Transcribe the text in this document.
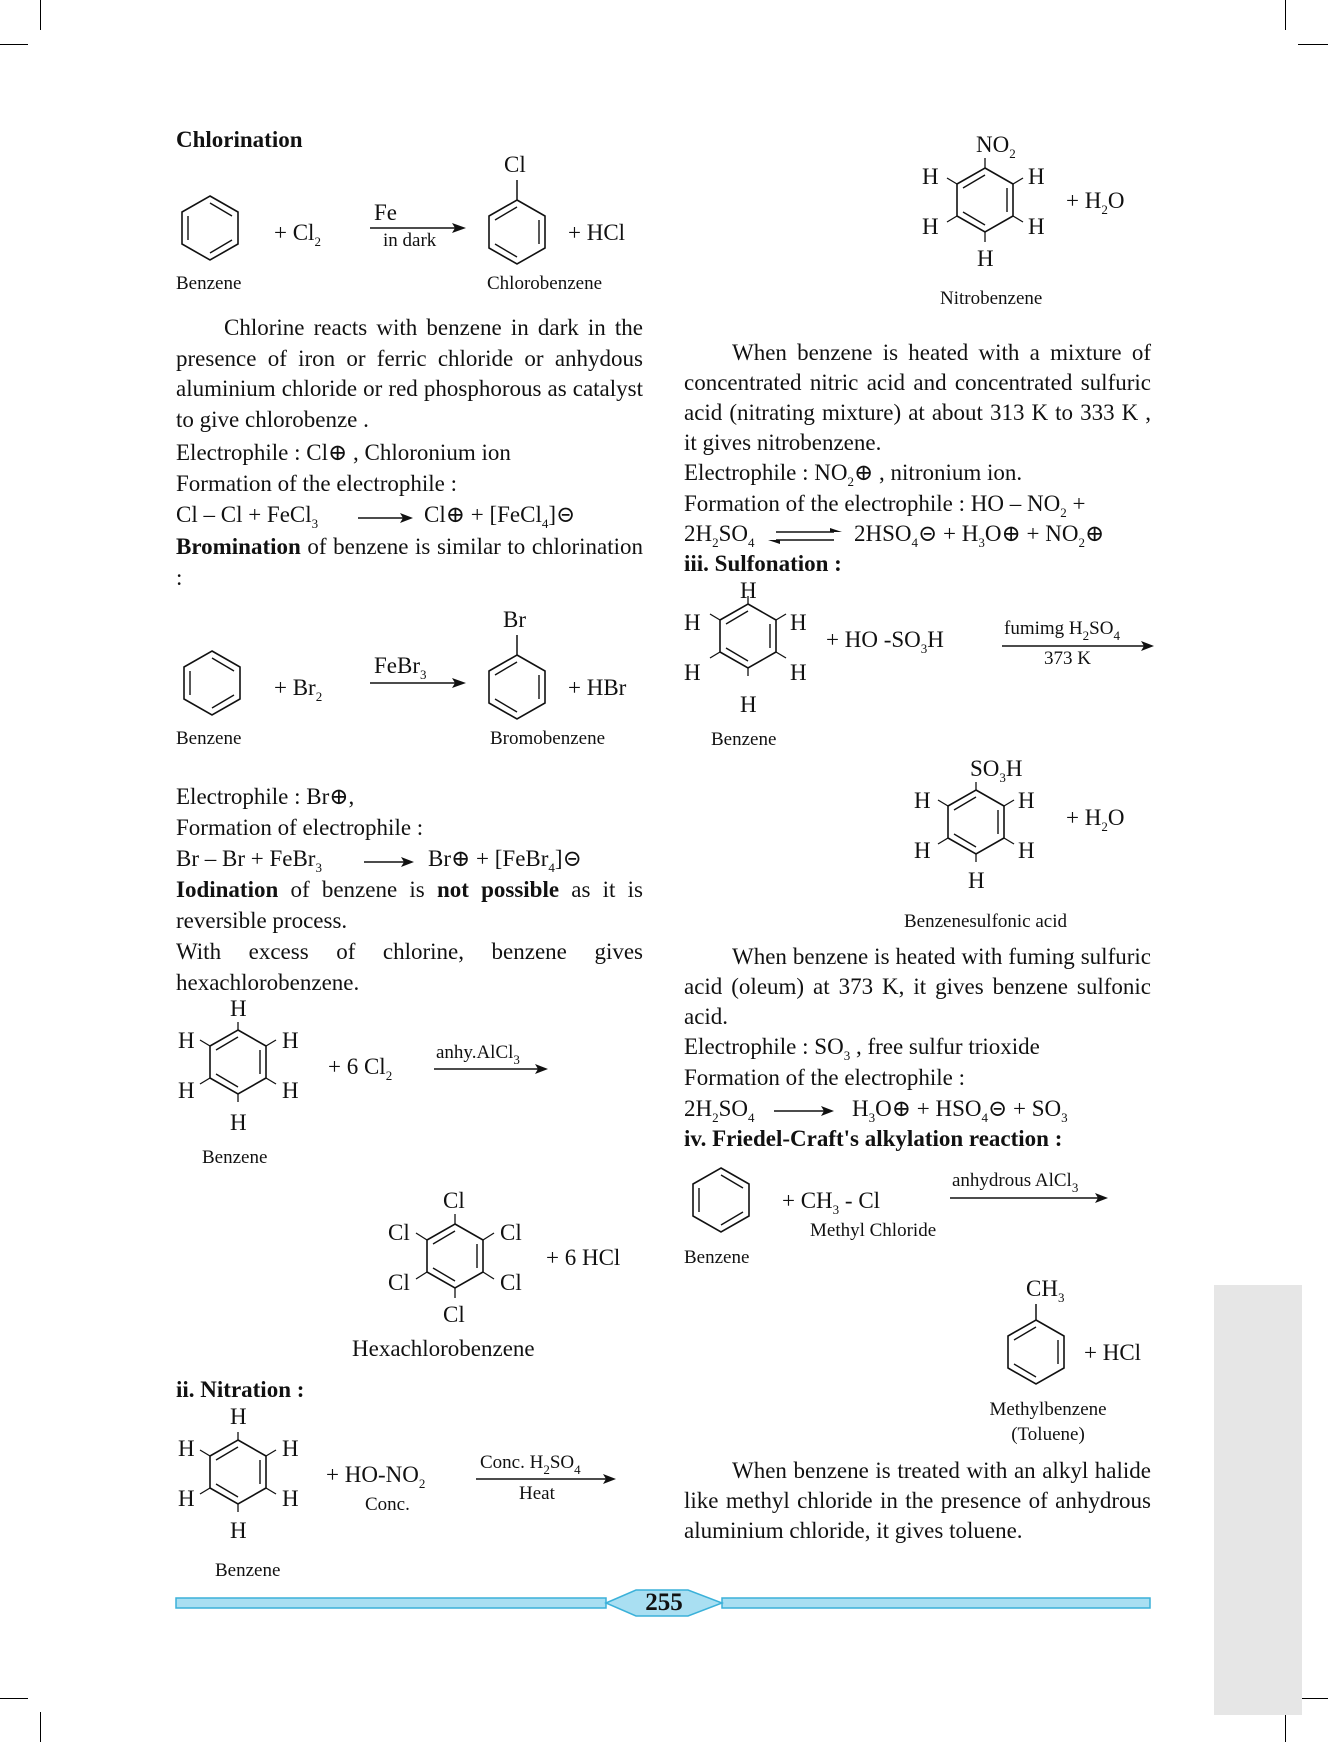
Chlorination
+ $Cl_2$
Fe
in dark
Cl
+ HCl
Benzene	Chlorobenzene
Chlorine reacts with benzene in dark in the presence of iron or ferric chloride or anhydous aluminium chloride or red phosphorous as catalyst to give chlorobenze .
Electrophile : Cl⊕ , Chloronium ion
Formation of the electrophile :
Cl – Cl + FeCl$_3$	Cl⊕ + [FeCl$_4$]⊝
Bromination of benzene is similar to chlorination :
+ $Br_2$
FeBr$_3$
Br
+ HBr
Benzene	Bromobenzene
Electrophile : Br⊕,
Formation of electrophile :
Br – Br + FeBr$_3$	Br⊕ + [FeBr$_4$]⊝
Iodination of benzene is not possible as it is reversible process.
With excess of chlorine, benzene gives hexachlorobenzene.
H
H	H
H	H
H
+ 6 $Cl_2$
anhy.AlCl$_3$
Benzene
Cl
Cl	Cl
Cl	Cl
Cl
+ 6 HCl
Hexachlorobenzene
ii. Nitration :
H
H	H
H	H
H
+ $HO-NO_2$
Conc.
Conc. $H_2SO_4$
Heat
Benzene
$NO_2$
H	H
H	H
H
+ $H_2O$
Nitrobenzene
When benzene is heated with a mixture of concentrated nitric acid and concentrated sulfuric acid (nitrating mixture) at about 313 K to 333 K , it gives nitrobenzene.
Electrophile : $NO_2\oplus$ , nitronium ion.
Formation of the electrophile : HO – $NO_2$ +
$2H_2SO_4$	$2HSO_4⊝$ + $H_3O\oplus$ + $NO_2\oplus$
iii. Sulfonation :
H
H	H
H	H
H
+ HO $-SO_3H$	fumimg $H_2SO_4$
373 K
Benzene
$SO_3H$
H	H
H	H
H
+ $H_2O$
Benzenesulfonic acid
When benzene is heated with fuming sulfuric acid (oleum) at 373 K, it gives benzene sulfonic acid.
Electrophile : $SO_3$ , free sulfur trioxide
Formation of the electrophile :
$2H_2SO_4$	$H_3O\oplus$ + $HSO_4⊝ + SO_3$
iv. Friedel-Craft's alkylation reaction :
+ $CH_3$ - Cl
Methyl Chloride
anhydrous AlCl$_3$
Benzene
$CH_3$
+ HCl
Methylbenzene
(Toluene)
When benzene is treated with an alkyl halide like methyl chloride in the presence of anhydrous aluminium chloride, it gives toluene.
255
